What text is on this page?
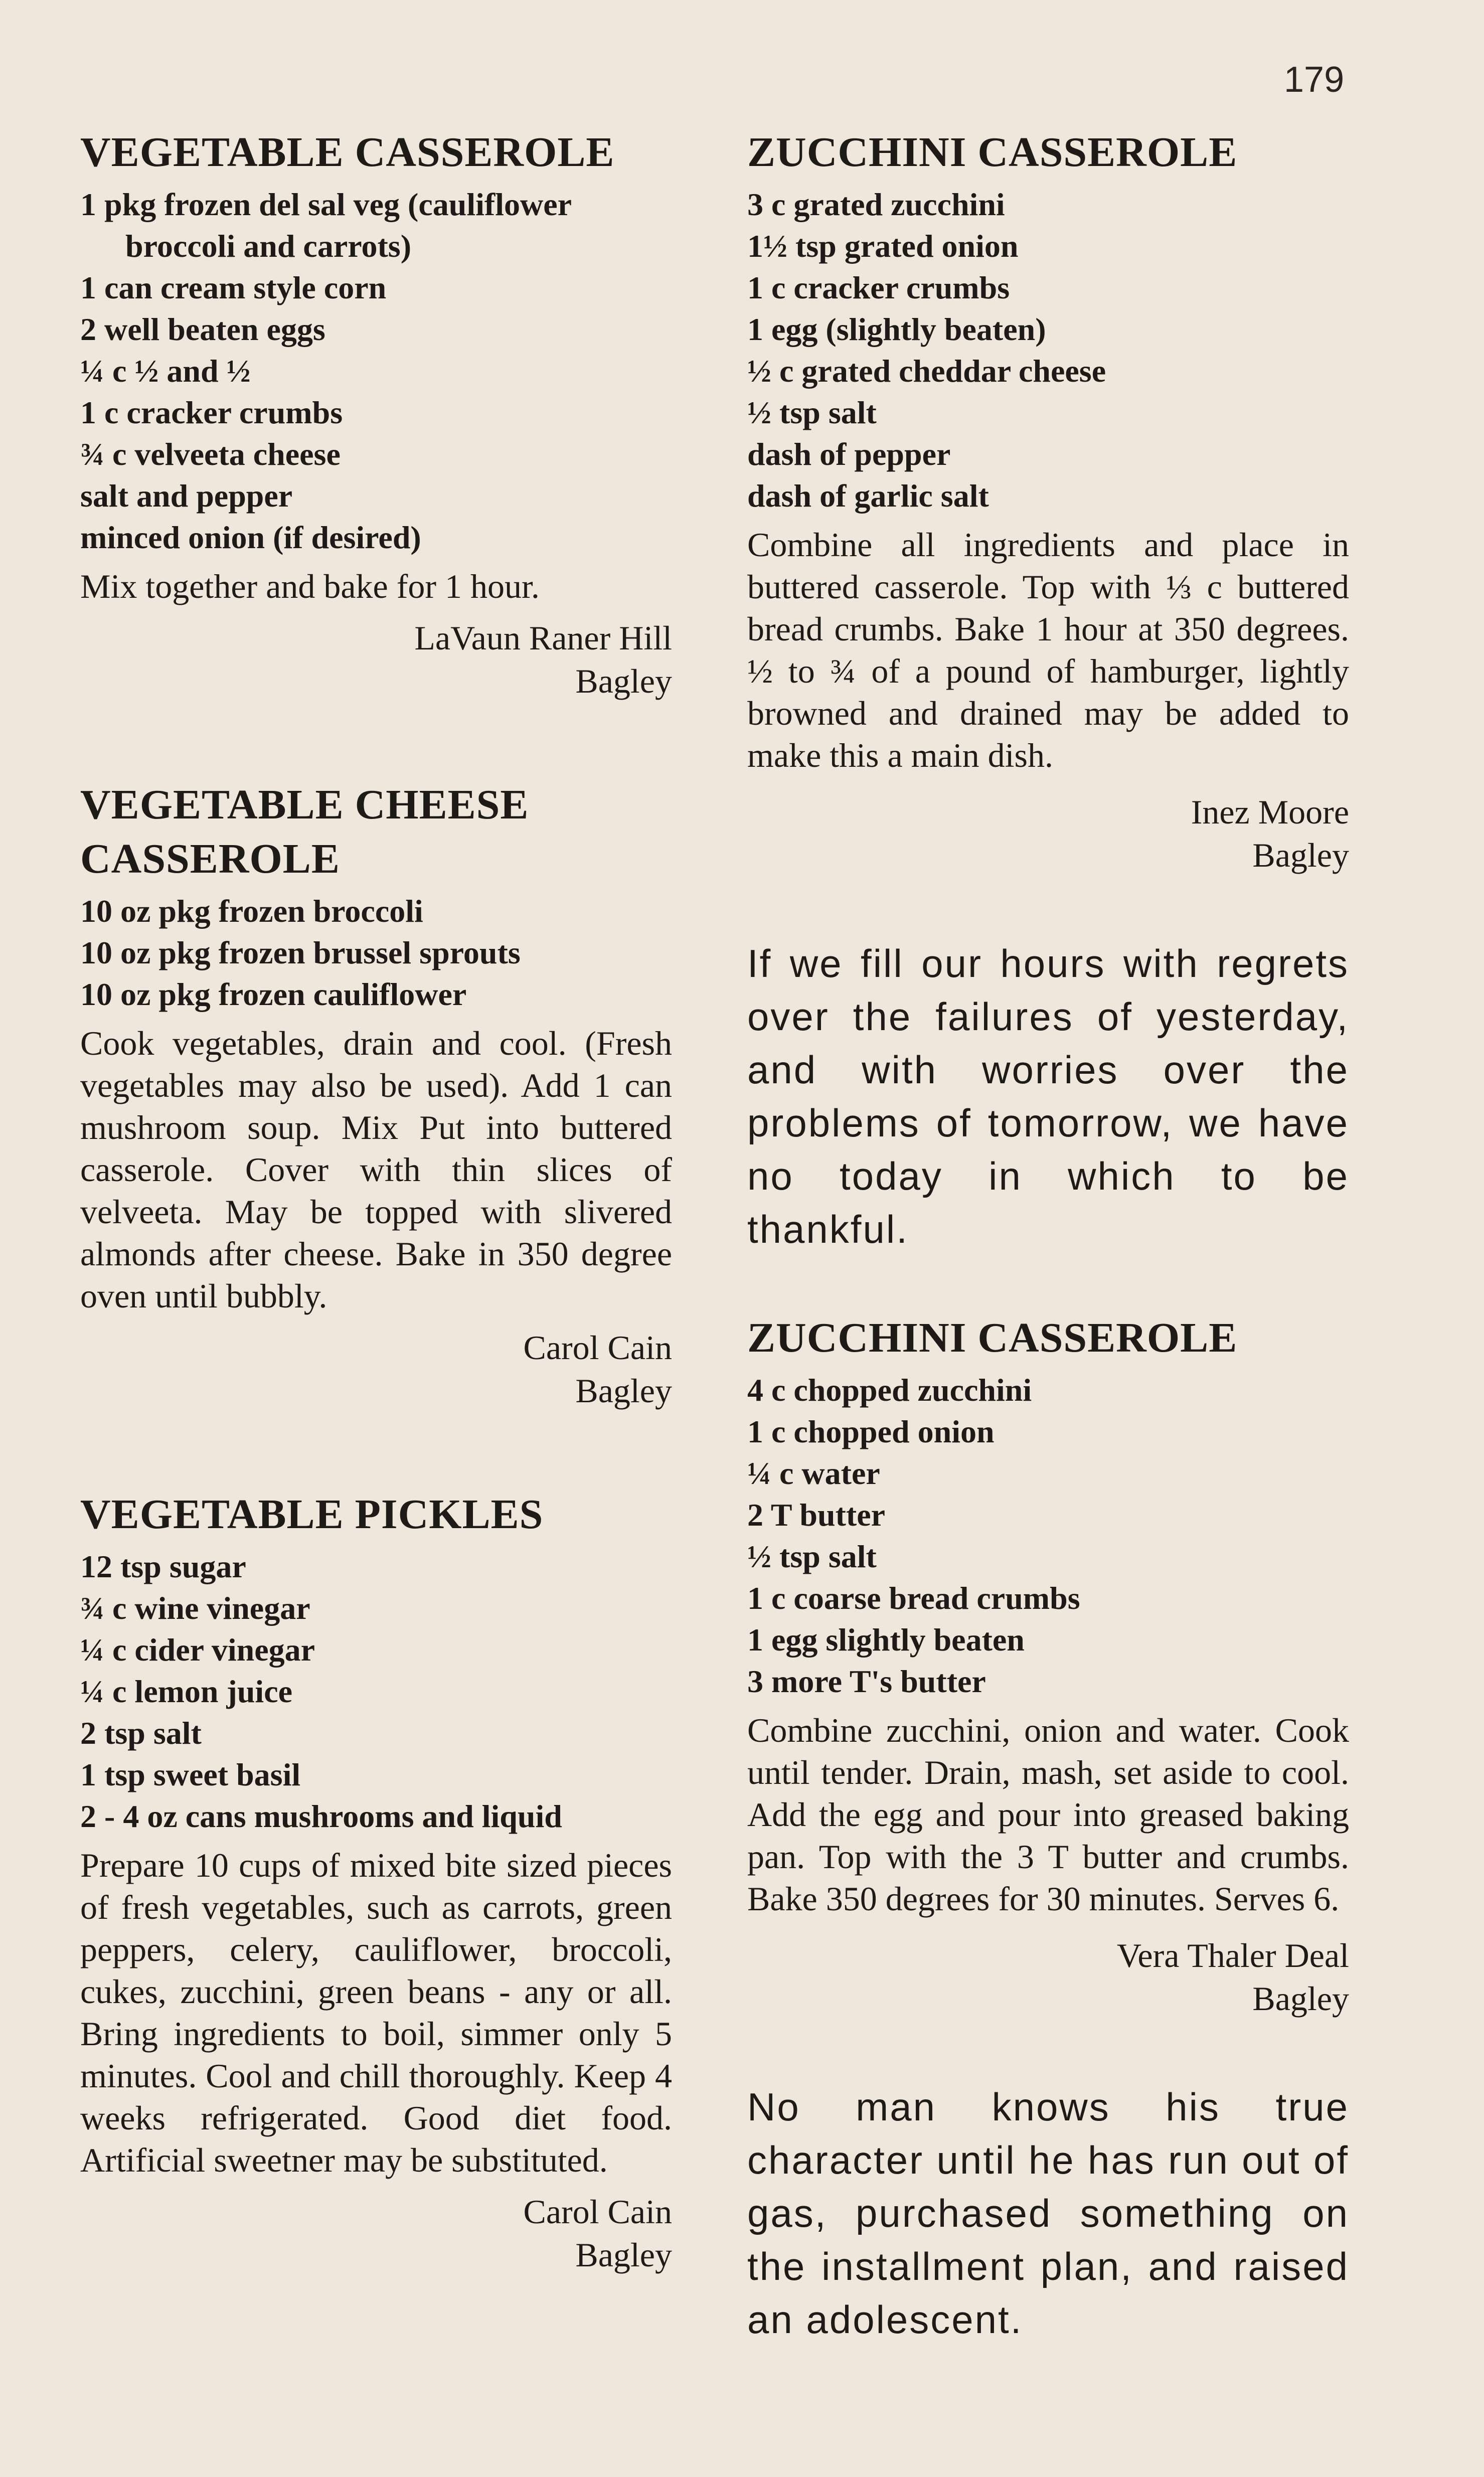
179
VEGETABLE CASSEROLE
1 pkg frozen del sal veg (cauliflower broccoli and carrots)
1 can cream style corn
2 well beaten eggs
¼ c ½ and ½
1 c cracker crumbs
¾ c velveeta cheese
salt and pepper
minced onion (if desired)

Mix together and bake for 1 hour.

LaVaun Raner Hill
Bagley
VEGETABLE CHEESE CASSEROLE
10 oz pkg frozen broccoli
10 oz pkg frozen brussel sprouts
10 oz pkg frozen cauliflower

Cook vegetables, drain and cool. (Fresh vegetables may also be used). Add 1 can mushroom soup. Mix Put into buttered casserole. Cover with thin slices of velveeta. May be topped with slivered almonds after cheese. Bake in 350 degree oven until bubbly.

Carol Cain
Bagley
VEGETABLE PICKLES
12 tsp sugar
¾ c wine vinegar
¼ c cider vinegar
¼ c lemon juice
2 tsp salt
1 tsp sweet basil
2 - 4 oz cans mushrooms and liquid

Prepare 10 cups of mixed bite sized pieces of fresh vegetables, such as carrots, green peppers, celery, cauliflower, broccoli, cukes, zucchini, green beans - any or all. Bring ingredients to boil, simmer only 5 minutes. Cool and chill thoroughly. Keep 4 weeks refrigerated. Good diet food. Artificial sweetner may be substituted.

Carol Cain
Bagley
ZUCCHINI CASSEROLE
3 c grated zucchini
1½ tsp grated onion
1 c cracker crumbs
1 egg (slightly beaten)
½ c grated cheddar cheese
½ tsp salt
dash of pepper
dash of garlic salt

Combine all ingredients and place in buttered casserole. Top with ⅓ c buttered bread crumbs. Bake 1 hour at 350 degrees. ½ to ¾ of a pound of hamburger, lightly browned and drained may be added to make this a main dish.

Inez Moore
Bagley

If we fill our hours with regrets over the failures of yesterday, and with worries over the problems of tomorrow, we have no today in which to be thankful.

ZUCCHINI CASSEROLE
4 c chopped zucchini
1 c chopped onion
¼ c water
2 T butter
½ tsp salt
1 c coarse bread crumbs
1 egg slightly beaten
3 more T's butter

Combine zucchini, onion and water. Cook until tender. Drain, mash, set aside to cool. Add the egg and pour into greased baking pan. Top with the 3 T butter and crumbs. Bake 350 degrees for 30 minutes. Serves 6.

Vera Thaler Deal
Bagley

No man knows his true character until he has run out of gas, purchased something on the installment plan, and raised an adolescent.
